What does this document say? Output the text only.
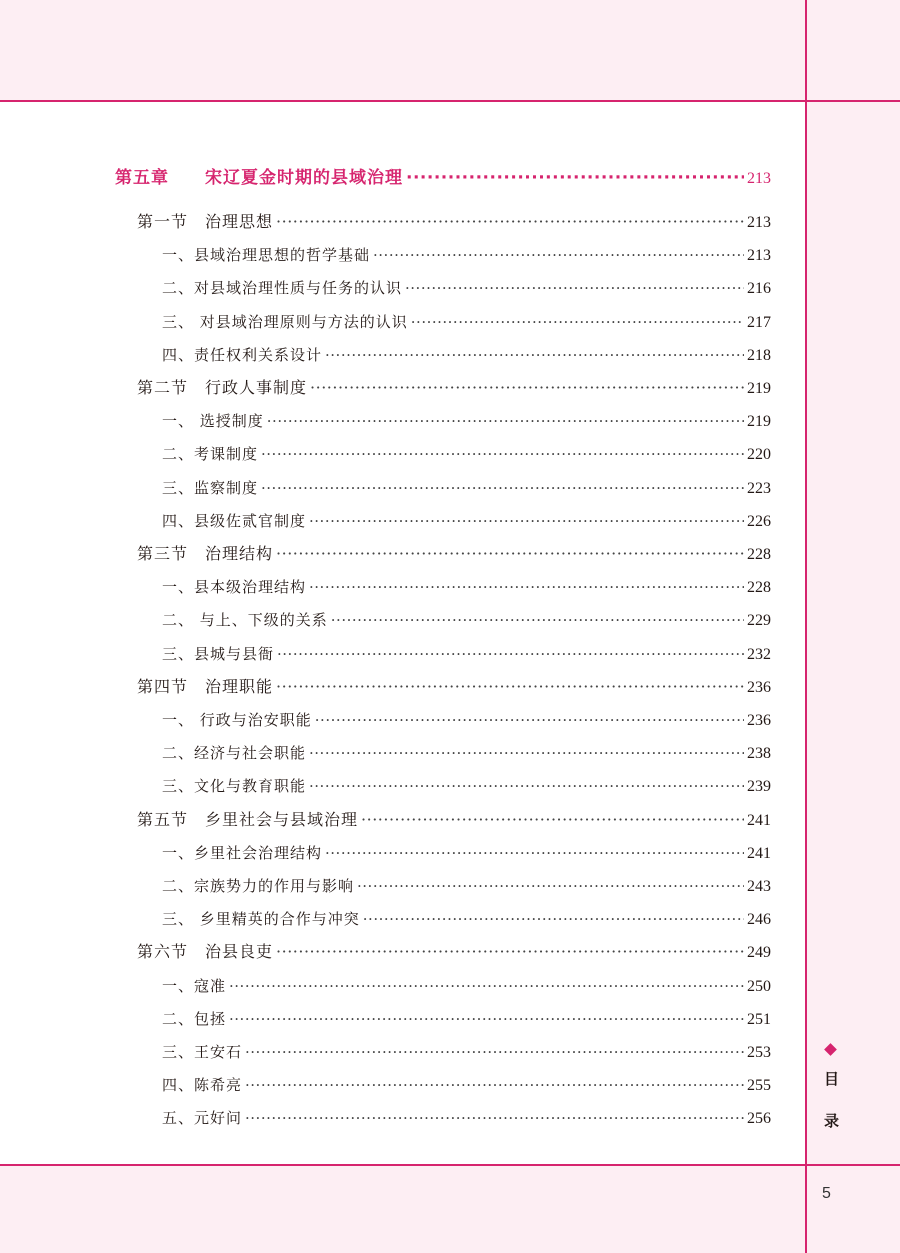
第五章　　宋辽夏金时期的县域治理 ·····	213
第一节　治理思想 ·····	213
一、县域治理思想的哲学基础 ·····	213
二、对县域治理性质与任务的认识 ·····	216
三、 对县域治理原则与方法的认识 ·····	217
四、责任权利关系设计 ·····	218
第二节　行政人事制度 ·····	219
一、 选授制度 ·····	219
二、考课制度 ·····	220
三、监察制度 ·····	223
四、县级佐贰官制度 ·····	226
第三节　治理结构 ·····	228
一、县本级治理结构 ·····	228
二、 与上、下级的关系 ·····	229
三、县城与县衙 ·····	232
第四节　治理职能 ·····	236
一、 行政与治安职能 ·····	236
二、经济与社会职能 ·····	238
三、文化与教育职能 ·····	239
第五节　乡里社会与县域治理 ·····	241
一、乡里社会治理结构 ·····	241
二、宗族势力的作用与影响 ·····	243
三、 乡里精英的合作与冲突 ·····	246
第六节　治县良吏 ·····	249
一、寇准 ·····	250
二、包拯 ·····	251
三、王安石 ·····	253
四、陈希亮 ·····	255
五、元好问 ·····	256
目
录
5
